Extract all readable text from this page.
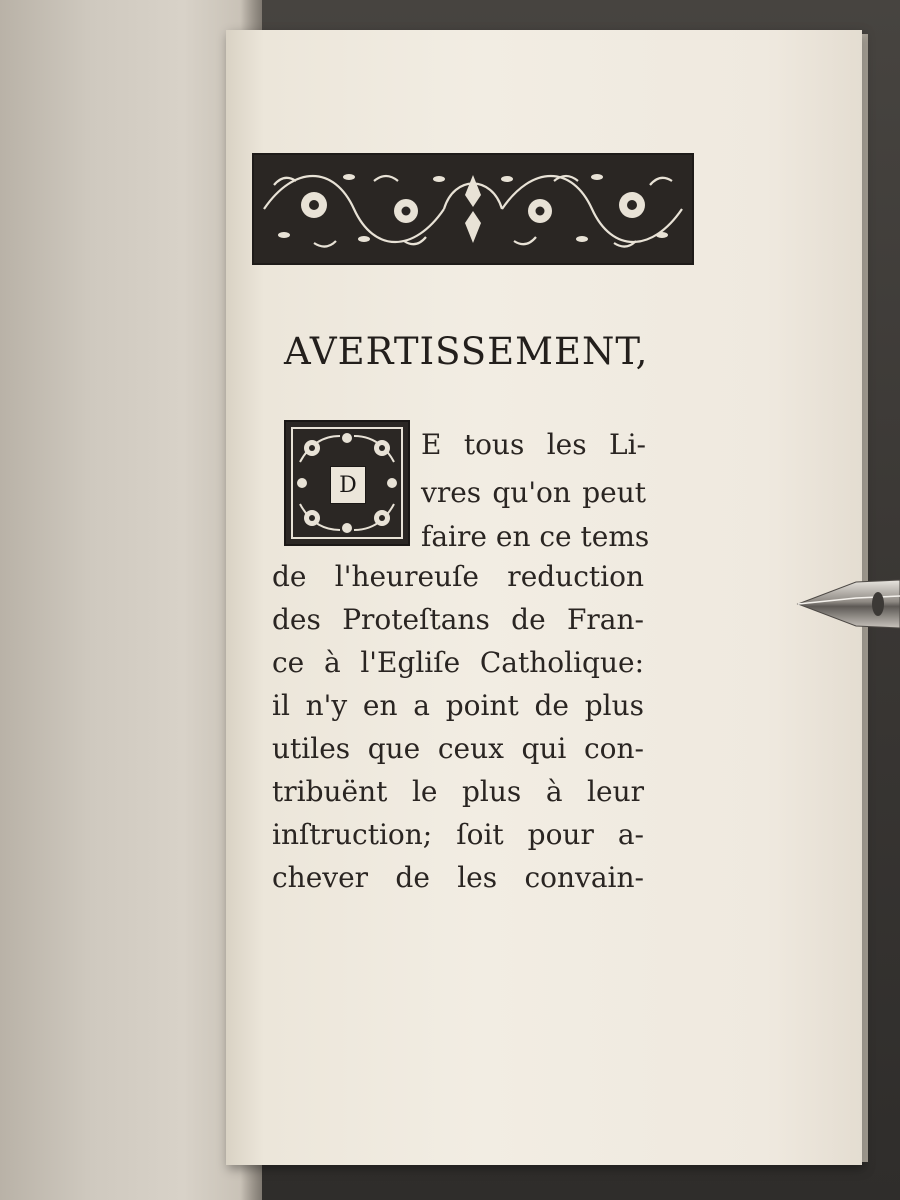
AVERTISSEMENT,
D
E tous les Li-
vres qu'on peut
faire en ce tems
de l'heureuſe reduction
des Proteſtans de Fran-
ce à l'Egliſe Catholique:
il n'y en a point de plus
utiles que ceux qui con-
tribuënt le plus à leur
inſtruction; ſoit pour a-
chever de les convain-
